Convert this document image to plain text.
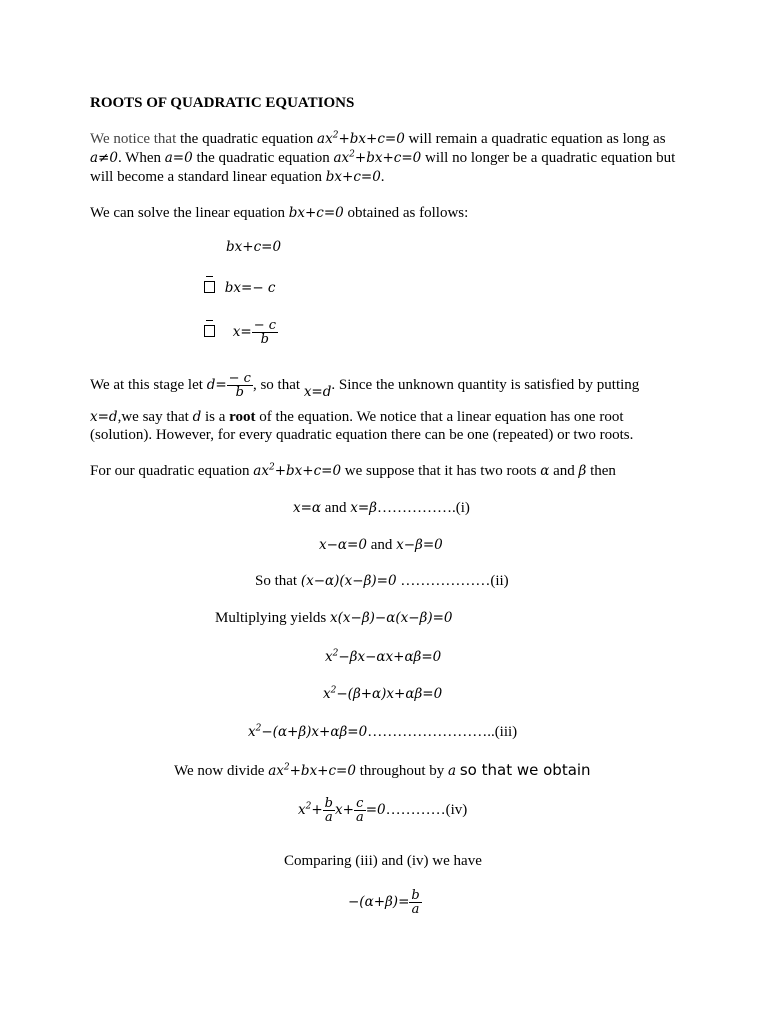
ROOTS OF QUADRATIC EQUATIONS
We notice that the quadratic equation $ax^2+bx+c=0$ will remain a quadratic equation as long as
a≠0. When a=0 the quadratic equation $ax^2+bx+c=0$ will no longer be a quadratic equation but
will become a standard linear equation bx+c=0.
We can solve the linear equation bx+c=0 obtained as follows:
bx+c=0
bx=− c
$x= \frac{- c}{b}$
We at this stage let $d= \frac{- c}{b}$ , so that x=d. Since the unknown quantity is satisfied by putting
x=d,we say that d is a root of the equation. We notice that a linear equation has one root
(solution). However, for every quadratic equation there can be one (repeated) or two roots.
For our quadratic equation $ax^2+bx+c=0$ we suppose that it has two roots α and β then
x=α and x=β…………….(i)
x−α=0 and x−β=0
So that (x−α)(x−β)=0 ………………(ii)
Multiplying yields x(x−β)−α(x−β)=0
$x^2-\beta x-\alpha x+\alpha\beta=0$
$x^2-(\beta+\alpha)x+\alpha\beta=0$
$x^2-(\alpha+\beta)x+\alpha\beta=0\dots\dots\dots\dots\dots\dots\dots\dots..(iii)$
We now divide $ax^2+bx+c=0$ throughout by a so that we obtain
$x^2+ \frac{b}{a} x+ \frac{c}{a}$ =0…………(iv)
Comparing (iii) and (iv) we have
$-(\alpha+\beta)= \frac{b}{a}$
